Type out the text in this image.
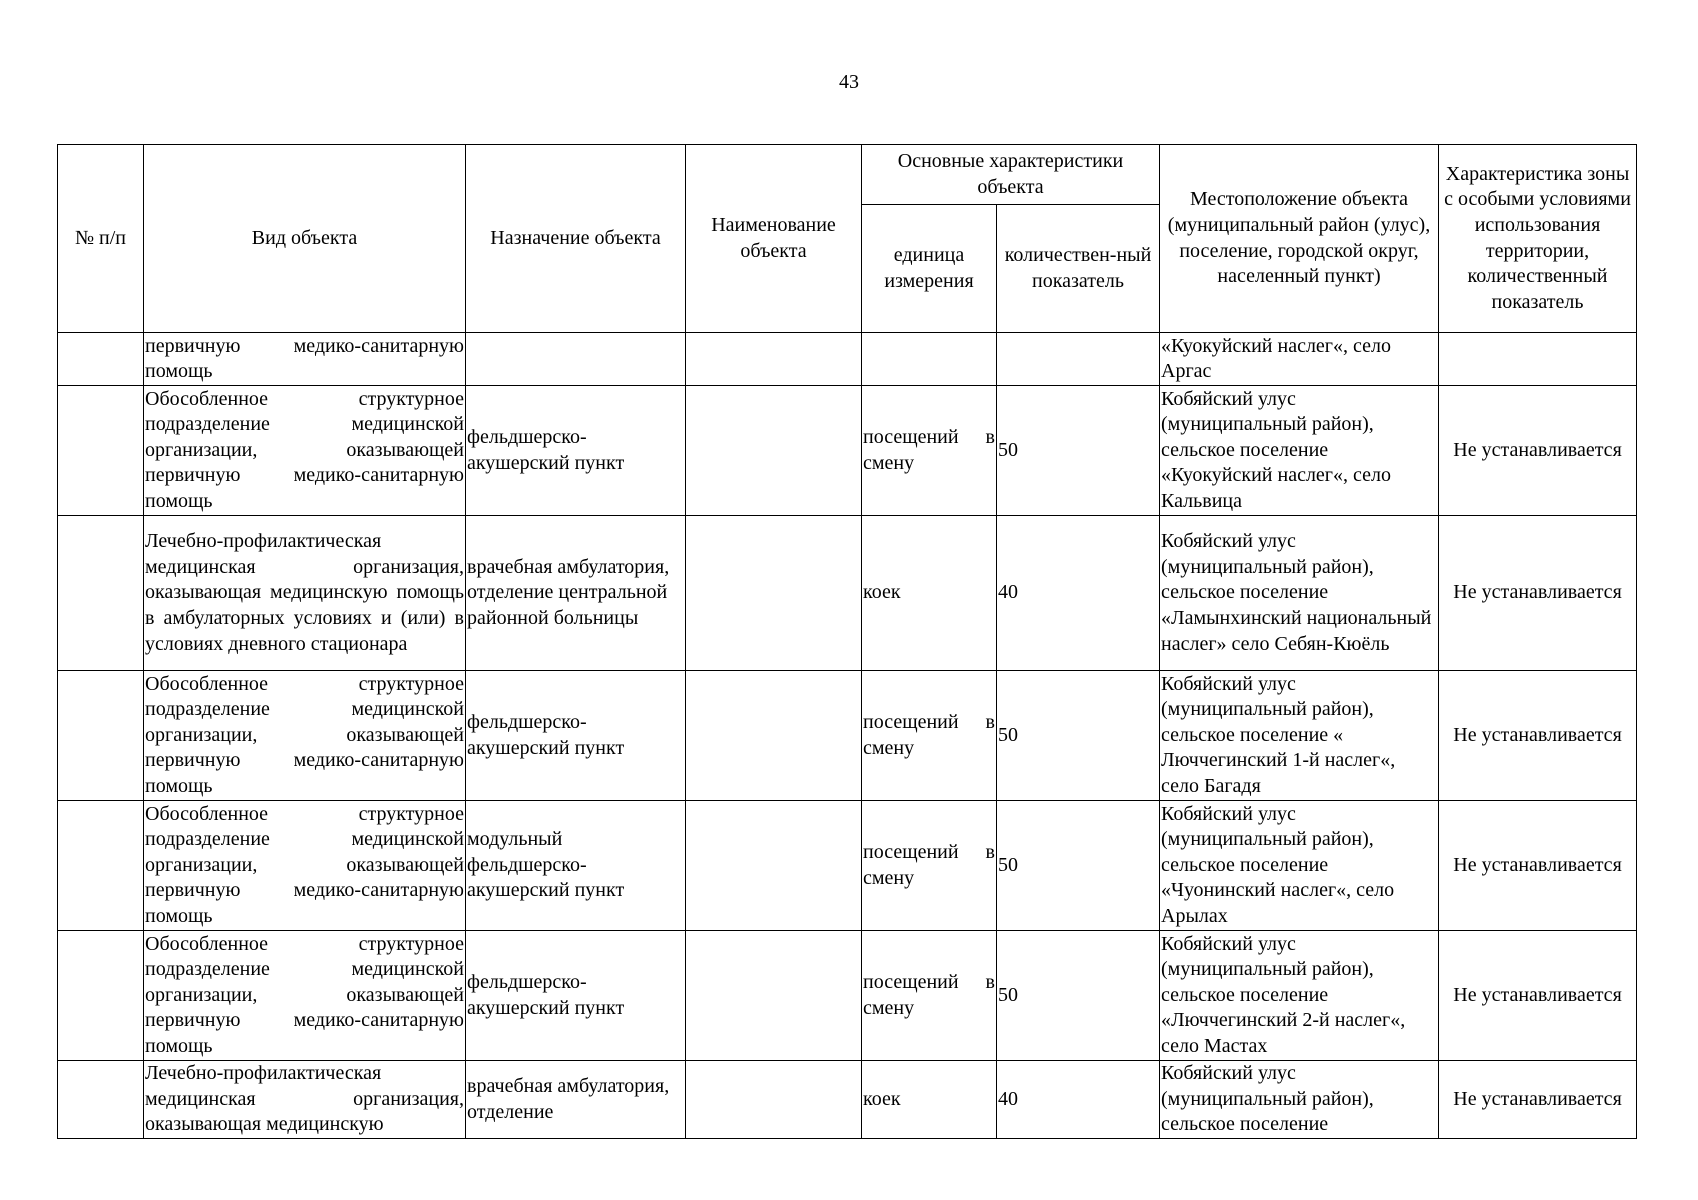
43
№ п/п	Вид объекта	Назначение объекта	Наименование объекта	Основные характеристики объекта		Местоположение объекта (муниципальный район (улус), поселение, городской округ, населенный пункт)	Характеристика зоны с особыми условиями использования территории, количественный показатель
				единица измерения	количествен-ный показатель		
	первичную медико-санитарную помощь					«Куокуйский наслег«, село Аргас	
	Обособленное структурное подразделение медицинской организации, оказывающей первичную медико-санитарную помощь	фельдшерско-акушерский пункт		посещений в смену	50	Кобяйский улус (муниципальный район), сельское поселение «Куокуйский наслег«, село Кальвица	Не устанавливается
	Лечебно-профилактическая медицинская организация, оказывающая медицинскую помощь в амбулаторных условиях и (или) в условиях дневного стационара	врачебная амбулатория, отделение центральной районной больницы		коек	40	Кобяйский улус (муниципальный район), сельское поселение «Ламынхинский национальный наслег» село Себян-Кюёль	Не устанавливается
	Обособленное структурное подразделение медицинской организации, оказывающей первичную медико-санитарную помощь	фельдшерско-акушерский пункт		посещений в смену	50	Кобяйский улус (муниципальный район), сельское поселение « Люччегинский 1-й наслег«, село Багадя	Не устанавливается
	Обособленное структурное подразделение медицинской организации, оказывающей первичную медико-санитарную помощь	модульный фельдшерско-акушерский пункт		посещений в смену	50	Кобяйский улус (муниципальный район), сельское поселение «Чуонинский наслег«, село Арылах	Не устанавливается
	Обособленное структурное подразделение медицинской организации, оказывающей первичную медико-санитарную помощь	фельдшерско-акушерский пункт		посещений в смену	50	Кобяйский улус (муниципальный район), сельское поселение «Люччегинский 2-й наслег«, село Мастах	Не устанавливается
	Лечебно-профилактическая медицинская организация, оказывающая медицинскую	врачебная амбулатория, отделение		коек	40	Кобяйский улус (муниципальный район), сельское поселение	Не устанавливается
